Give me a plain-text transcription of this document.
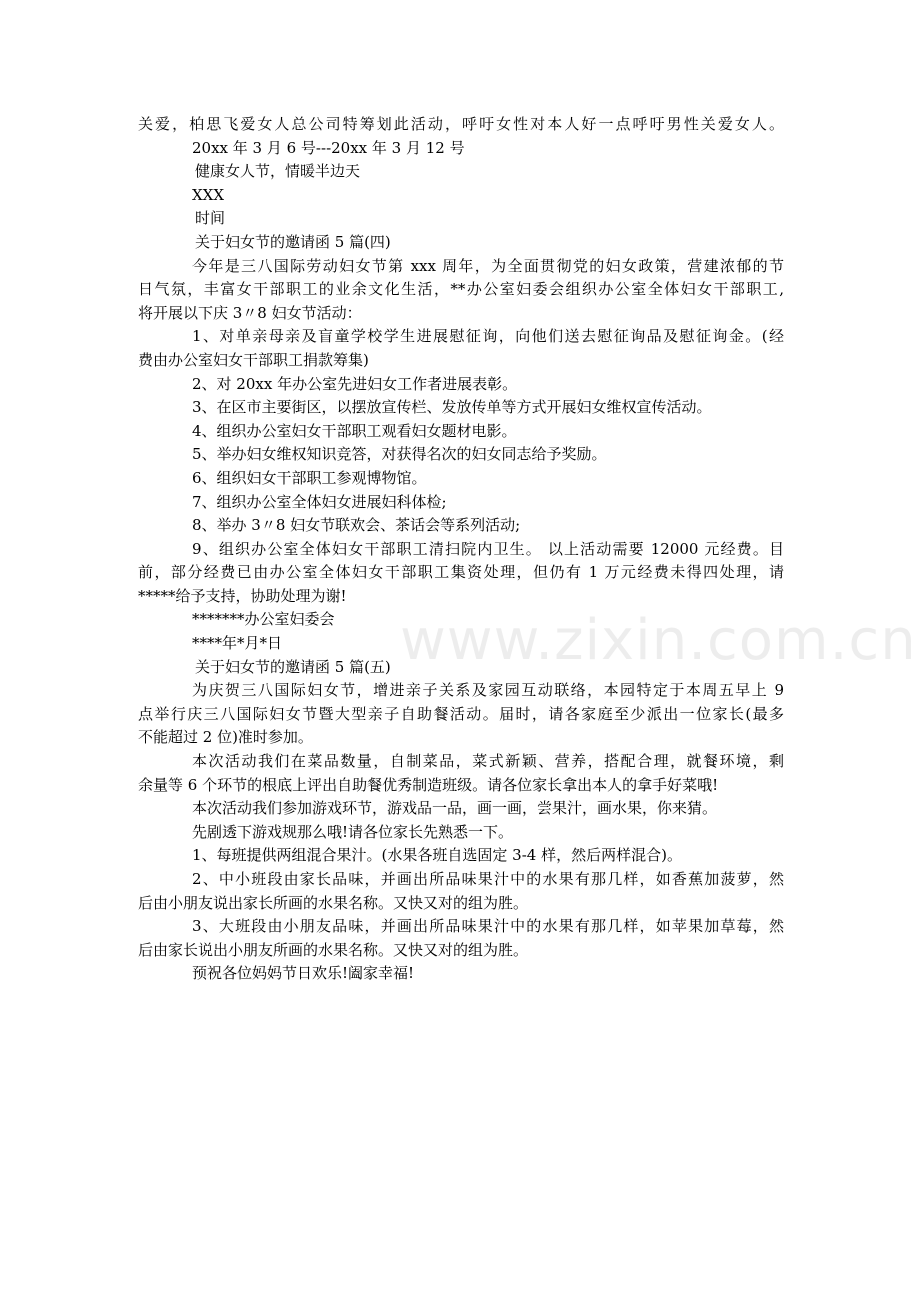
www.zixin.com.cn
关爱，柏思飞爱女人总公司特筹划此活动，呼吁女性对本人好一点呼吁男性关爱女人。
20xx 年 3 月 6 号---20xx 年 3 月 12 号
健康女人节，情暖半边天
XXX
时间
关于妇女节的邀请函 5 篇(四)
今年是三八国际劳动妇女节第 xxx 周年，为全面贯彻党的妇女政策，营建浓郁的节
日气氛，丰富女干部职工的业余文化生活，**办公室妇委会组织办公室全体妇女干部职工,
将开展以下庆 3〃8 妇女节活动：
1、对单亲母亲及盲童学校学生进展慰征询，向他们送去慰征询品及慰征询金。(经
费由办公室妇女干部职工捐款筹集)
2、对 20xx 年办公室先进妇女工作者进展表彰。
3、在区市主要街区，以摆放宣传栏、发放传单等方式开展妇女维权宣传活动。
4、组织办公室妇女干部职工观看妇女题材电影。
5、举办妇女维权知识竞答，对获得名次的妇女同志给予奖励。
6、组织妇女干部职工参观博物馆。
7、组织办公室全体妇女进展妇科体检;
8、举办 3〃8 妇女节联欢会、茶话会等系列活动;
9、组织办公室全体妇女干部职工清扫院内卫生。 以上活动需要 12000 元经费。目
前，部分经费已由办公室全体妇女干部职工集资处理，但仍有 1 万元经费未得四处理，请
*****给予支持，协助处理为谢!
*******办公室妇委会
****年*月*日
关于妇女节的邀请函 5 篇(五)
为庆贺三八国际妇女节，增进亲子关系及家园互动联络，本园特定于本周五早上 9
点举行庆三八国际妇女节暨大型亲子自助餐活动。届时，请各家庭至少派出一位家长(最多
不能超过 2 位)准时参加。
本次活动我们在菜品数量，自制菜品，菜式新颖、营养，搭配合理，就餐环境，剩
余量等 6 个环节的根底上评出自助餐优秀制造班级。请各位家长拿出本人的拿手好菜哦!
本次活动我们参加游戏环节，游戏品一品，画一画，尝果汁，画水果，你来猜。
先剧透下游戏规那么哦!请各位家长先熟悉一下。
1、每班提供两组混合果汁。(水果各班自选固定 3-4 样，然后两样混合)。
2、中小班段由家长品味，并画出所品味果汁中的水果有那几样，如香蕉加菠萝，然
后由小朋友说出家长所画的水果名称。又快又对的组为胜。
3、大班段由小朋友品味，并画出所品味果汁中的水果有那几样，如苹果加草莓，然
后由家长说出小朋友所画的水果名称。又快又对的组为胜。
预祝各位妈妈节日欢乐!阖家幸福!
